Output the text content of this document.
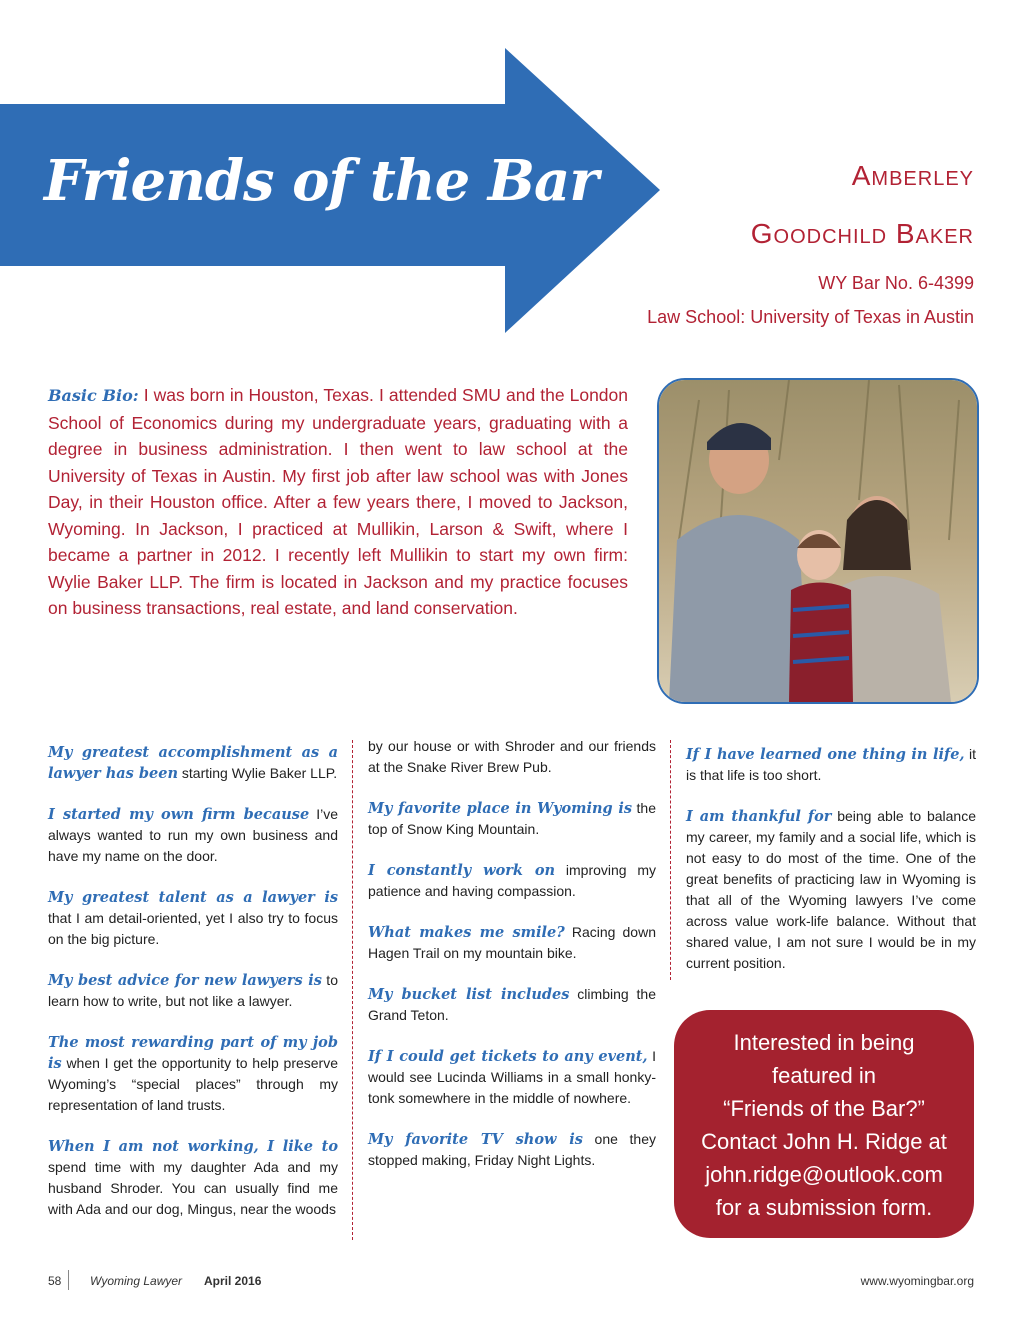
Friends of the Bar	Amberley
Goodchild Baker
WY Bar No. 6-4399
Law School: University of Texas in Austin
Basic Bio: I was born in Houston, Texas. I attended SMU and the London School of Economics during my undergraduate years, graduating with a degree in business administration. I then went to law school at the University of Texas in Austin. My first job after law school was with Jones Day, in their Houston office. After a few years there, I moved to Jackson, Wyoming. In Jackson, I practiced at Mullikin, Larson & Swift, where I became a partner in 2012. I recently left Mullikin to start my own firm: Wylie Baker LLP. The firm is located in Jackson and my practice focuses on business transactions, real estate, and land conservation.

My greatest accomplishment as a lawyer has been starting Wylie Baker LLP.

I started my own firm because I’ve always wanted to run my own business and have my name on the door.

My greatest talent as a lawyer is that I am detail-oriented, yet I also try to focus on the big picture.

My best advice for new lawyers is to learn how to write, but not like a lawyer.

The most rewarding part of my job is when I get the opportunity to help preserve Wyoming’s “special places” through my representation of land trusts.

When I am not working, I like to spend time with my daughter Ada and my husband Shroder. You can usually find me with Ada and our dog, Mingus, near the woods

by our house or with Shroder and our friends at the Snake River Brew Pub.

My favorite place in Wyoming is the top of Snow King Mountain.

I constantly work on improving my patience and having compassion.

What makes me smile? Racing down Hagen Trail on my mountain bike.

My bucket list includes climbing the Grand Teton.

If I could get tickets to any event, I would see Lucinda Williams in a small honky-tonk somewhere in the middle of nowhere.

My favorite TV show is one they stopped making, Friday Night Lights.

If I have learned one thing in life, it is that life is too short.

I am thankful for being able to balance my career, my family and a social life, which is not easy to do most of the time. One of the great benefits of practicing law in Wyoming is that all of the Wyoming lawyers I’ve come across value work-life balance. Without that shared value, I am not sure I would be in my current position.

Interested in being
featured in
“Friends of the Bar?”
Contact John H. Ridge at
john.ridge@outlook.com
for a submission form.
58 Wyoming Lawyer April 2016	www.wyomingbar.org
